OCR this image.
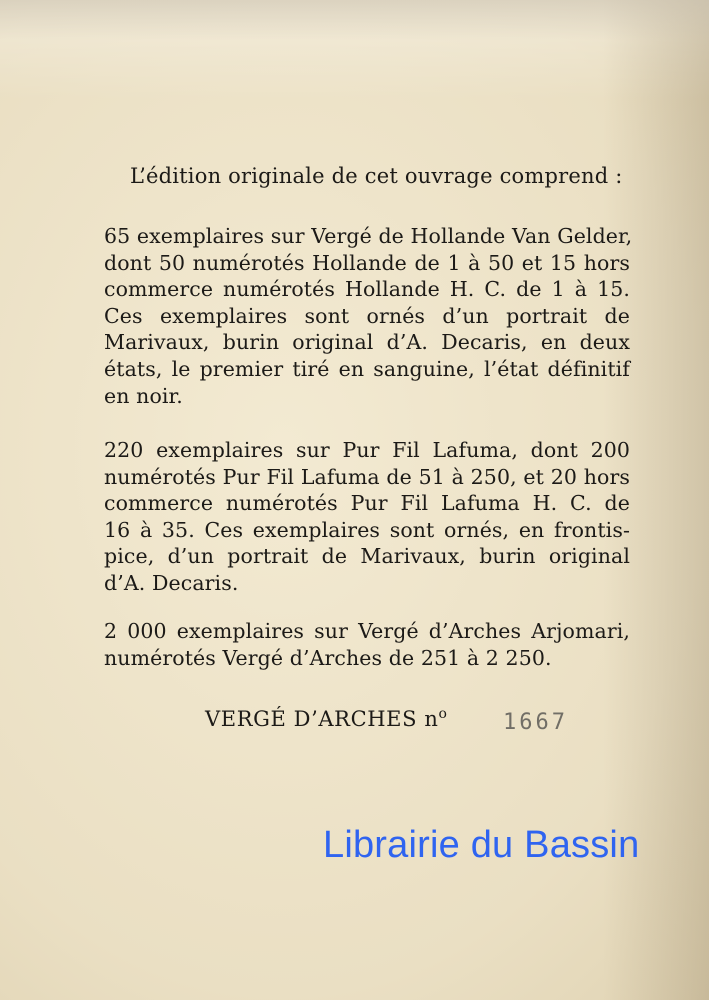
L’édition originale de cet ouvrage comprend :
65 exemplaires sur Vergé de Hollande Van Gelder,
dont 50 numérotés Hollande de 1 à 50 et 15 hors
commerce numérotés Hollande H. C. de 1 à 15.
Ces exemplaires sont ornés d’un portrait de
Marivaux, burin original d’A. Decaris, en deux
états, le premier tiré en sanguine, l’état définitif
en noir.
220 exemplaires sur Pur Fil Lafuma, dont 200
numérotés Pur Fil Lafuma de 51 à 250, et 20 hors
commerce numérotés Pur Fil Lafuma H. C. de
16 à 35. Ces exemplaires sont ornés, en frontis-
pice, d’un portrait de Marivaux, burin original
d’A. Decaris.
2 000 exemplaires sur Vergé d’Arches Arjomari,
numérotés Vergé d’Arches de 251 à 2 250.
VERGÉ D’ARCHES $n^o$	1667
Librairie du Bassin
